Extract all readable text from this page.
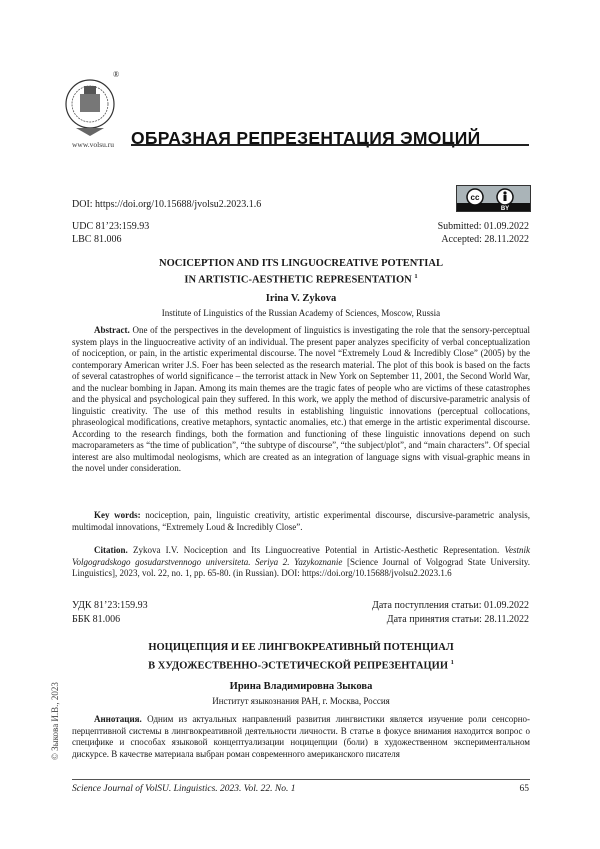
®
www.volsu.ru ОБРАЗНАЯ РЕПРЕЗЕНТАЦИЯ ЭМОЦИЙ
cc
BY
DOI: https://doi.org/10.15688/jvolsu2.2023.1.6
UDC 81’23:159.93
LBC 81.006
Submitted: 01.09.2022
Accepted: 28.11.2022
NOCICEPTION AND ITS LINGUOCREATIVE POTENTIAL
IN ARTISTIC-AESTHETIC REPRESENTATION $^1$
Irina V. Zykova
Institute of Linguistics of the Russian Academy of Sciences, Moscow, Russia
Abstract. One of the perspectives in the development of linguistics is investigating the role that the sensory-perceptual system plays in the linguocreative activity of an individual. The present paper analyzes specificity of verbal conceptualization of nociception, or pain, in the artistic experimental discourse. The novel “Extremely Loud & Incredibly Close” (2005) by the contemporary American writer J.S. Foer has been selected as the research material. The plot of this book is based on the facts of several catastrophes of world significance – the terrorist attack in New York on September 11, 2001, the Second World War, and the nuclear bombing in Japan. Among its main themes are the tragic fates of people who are victims of these catastrophes and the physical and psychological pain they suffered. In this work, we apply the method of discursive-parametric analysis of linguistic creativity. The use of this method results in establishing linguistic innovations (perceptual collocations, phraseological modifications, creative metaphors, syntactic anomalies, etc.) that emerge in the artistic experimental discourse. According to the research findings, both the formation and functioning of these linguistic innovations depend on such macroparameters as “the time of publication”, “the subtype of discourse”, “the subject/plot”, and “main characters”. Of special interest are also multimodal neologisms, which are created as an integration of language signs with visual-graphic means in the novel under consideration.
Key words: nociception, pain, linguistic creativity, artistic experimental discourse, discursive-parametric analysis, multimodal innovations, “Extremely Loud & Incredibly Close”.
Citation. Zykova I.V. Nociception and Its Linguocreative Potential in Artistic-Aesthetic Representation. Vestnik Volgogradskogo gosudarstvennogo universiteta. Seriya 2. Yazykoznanie [Science Journal of Volgograd State University. Linguistics], 2023, vol. 22, no. 1, pp. 65-80. (in Russian). DOI: https://doi.org/10.15688/jvolsu2.2023.1.6
УДК 81’23:159.93
ББК 81.006
Дата поступления статьи: 01.09.2022
Дата принятия статьи: 28.11.2022
НОЦИЦЕПЦИЯ И ЕЕ ЛИНГВОКРЕАТИВНЫЙ ПОТЕНЦИАЛ
В ХУДОЖЕСТВЕННО-ЭСТЕТИЧЕСКОЙ РЕПРЕЗЕНТАЦИИ $^1$
Ирина Владимировна Зыкова
Институт языкознания РАН, г. Москва, Россия
Аннотация. Одним из актуальных направлений развития лингвистики является изучение роли сенсорно-перцептивной системы в лингвокреативной деятельности личности. В статье в фокусе внимания находится вопрос о специфике и способах языковой концептуализации ноцицепции (боли) в художественном экспериментальном дискурсе. В качестве материала выбран роман современного американского писателя
© Зыкова И.В., 2023
Science Journal of VolSU. Linguistics. 2023. Vol. 22. No. 1	65
